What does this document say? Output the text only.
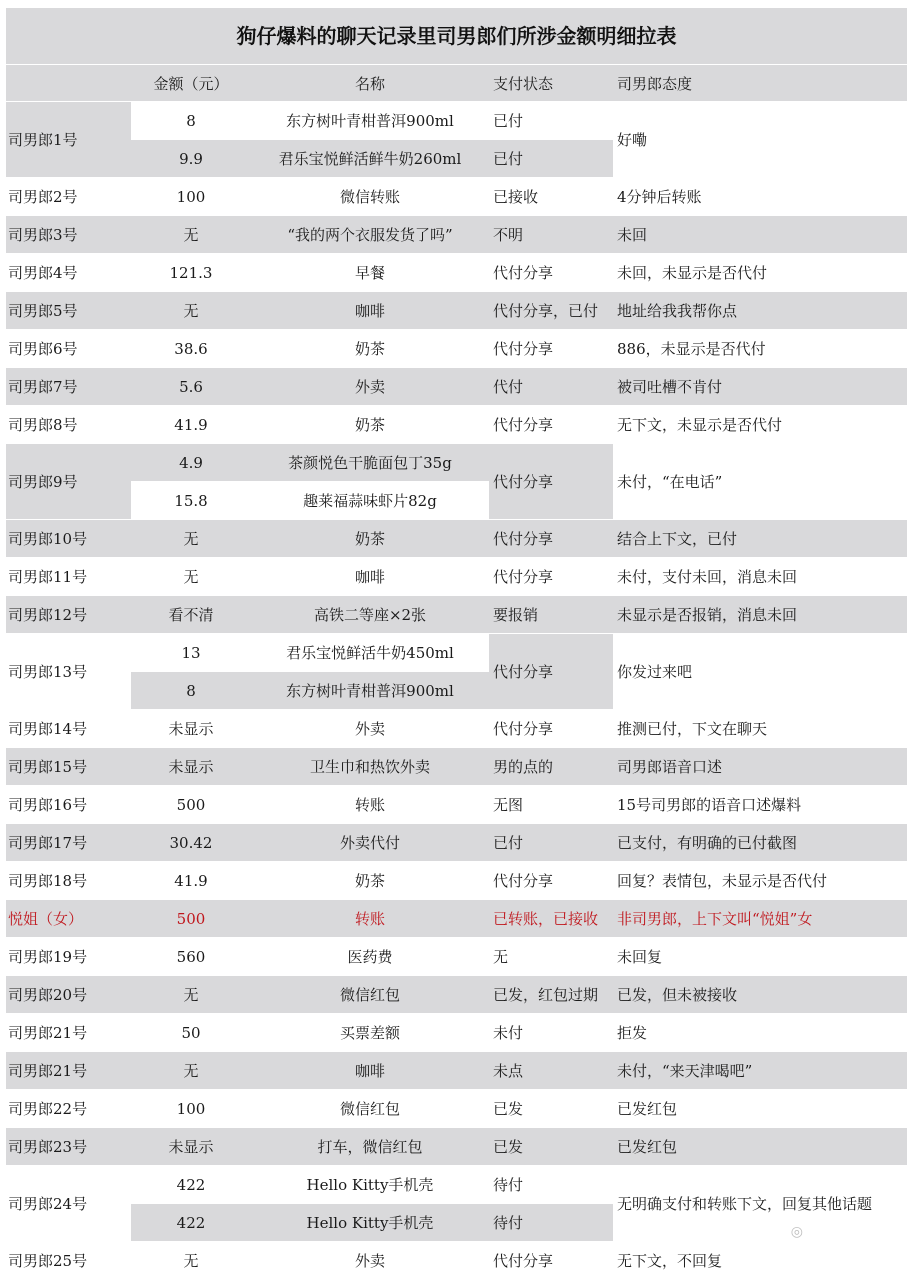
狗仔爆料的聊天记录里司男郎们所涉金额明细拉表
	金额（元）	名称	支付状态	司男郎态度
司男郎1号	8	东方树叶青柑普洱900ml	已付	好嘞
	9.9	君乐宝悦鲜活鲜牛奶260ml	已付	
司男郎2号	100	微信转账	已接收	4分钟后转账
司男郎3号	无	“我的两个衣服发货了吗”	不明	未回
司男郎4号	121.3	早餐	代付分享	未回，未显示是否代付
司男郎5号	无	咖啡	代付分享，已付	地址给我我帮你点
司男郎6号	38.6	奶茶	代付分享	886，未显示是否代付
司男郎7号	5.6	外卖	代付	被司吐槽不肯付
司男郎8号	41.9	奶茶	代付分享	无下文，未显示是否代付
司男郎9号	4.9	茶颜悦色干脆面包丁35g	代付分享	未付，“在电话”
	15.8	趣莱福蒜味虾片82g		
司男郎10号	无	奶茶	代付分享	结合上下文，已付
司男郎11号	无	咖啡	代付分享	未付，支付未回，消息未回
司男郎12号	看不清	高铁二等座×2张	要报销	未显示是否报销，消息未回
司男郎13号	13	君乐宝悦鲜活牛奶450ml	代付分享	你发过来吧
	8	东方树叶青柑普洱900ml		
司男郎14号	未显示	外卖	代付分享	推测已付，下文在聊天
司男郎15号	未显示	卫生巾和热饮外卖	男的点的	司男郎语音口述
司男郎16号	500	转账	无图	15号司男郎的语音口述爆料
司男郎17号	30.42	外卖代付	已付	已支付，有明确的已付截图
司男郎18号	41.9	奶茶	代付分享	回复？表情包，未显示是否代付
悦姐（女）	500	转账	已转账，已接收	非司男郎，上下文叫“悦姐”女
司男郎19号	560	医药费	无	未回复
司男郎20号	无	微信红包	已发，红包过期	已发，但未被接收
司男郎21号	50	买票差额	未付	拒发
司男郎21号	无	咖啡	未点	未付，“来天津喝吧”
司男郎22号	100	微信红包	已发	已发红包
司男郎23号	未显示	打车，微信红包	已发	已发红包
司男郎24号	422	Hello Kitty手机壳	待付	无明确支付和转账下文，回复其他话题
	422	Hello Kitty手机壳	待付	
司男郎25号	无	外卖	代付分享	无下文，不回复
◎
